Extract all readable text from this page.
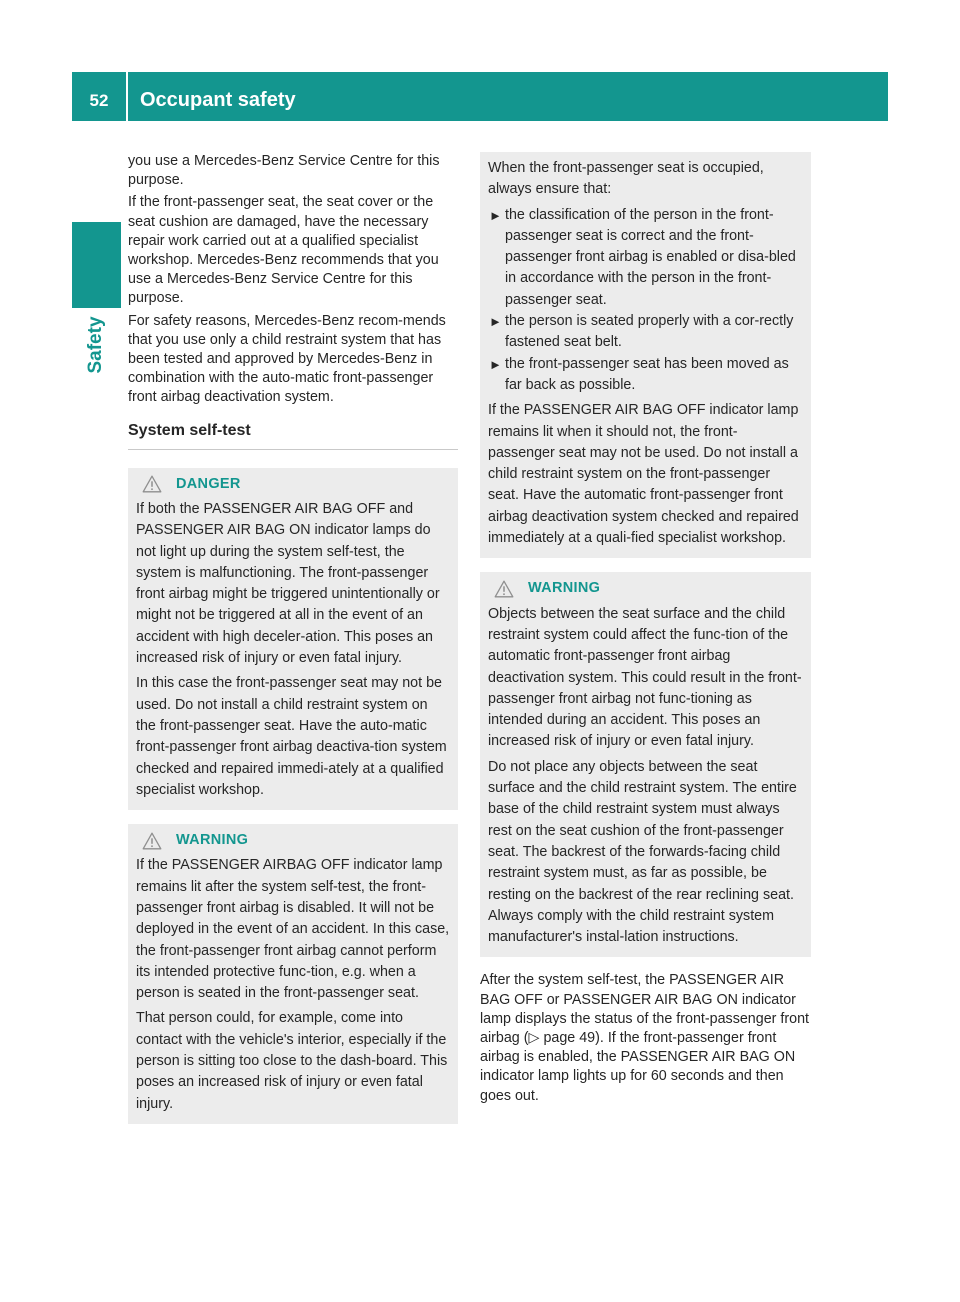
52	Occupant safety
Safety

you use a Mercedes-Benz Service Centre for this purpose.

If the front-passenger seat, the seat cover or the seat cushion are damaged, have the necessary repair work carried out at a qualified specialist workshop. Mercedes-Benz recommends that you use a Mercedes-Benz Service Centre for this purpose.

For safety reasons, Mercedes-Benz recom-mends that you use only a child restraint system that has been tested and approved by Mercedes-Benz in combination with the auto-matic front-passenger front airbag deactivation system.

System self-test
DANGER

If both the PASSENGER AIR BAG OFF and PASSENGER AIR BAG ON indicator lamps do not light up during the system self-test, the system is malfunctioning. The front-passenger front airbag might be triggered unintentionally or might not be triggered at all in the event of an accident with high deceler-ation. This poses an increased risk of injury or even fatal injury.

In this case the front-passenger seat may not be used. Do not install a child restraint system on the front-passenger seat. Have the auto-matic front-passenger front airbag deactiva-tion system checked and repaired immedi-ately at a qualified specialist workshop.

WARNING

If the PASSENGER AIRBAG OFF indicator lamp remains lit after the system self-test, the front-passenger front airbag is disabled. It will not be deployed in the event of an accident. In this case, the front-passenger front airbag cannot perform its intended protective func-tion, e.g. when a person is seated in the front-passenger seat.

That person could, for example, come into contact with the vehicle's interior, especially if the person is sitting too close to the dash-board. This poses an increased risk of injury or even fatal injury.

When the front-passenger seat is occupied, always ensure that:

► the classification of the person in the front-passenger seat is correct and the front-passenger front airbag is enabled or disa-bled in accordance with the person in the front-passenger seat.
► the person is seated properly with a cor-rectly fastened seat belt.
► the front-passenger seat has been moved as far back as possible.

If the PASSENGER AIR BAG OFF indicator lamp remains lit when it should not, the front-passenger seat may not be used. Do not install a child restraint system on the front-passenger seat. Have the automatic front-passenger front airbag deactivation system checked and repaired immediately at a quali-fied specialist workshop.

WARNING

Objects between the seat surface and the child restraint system could affect the func-tion of the automatic front-passenger front airbag deactivation system. This could result in the front-passenger front airbag not func-tioning as intended during an accident. This poses an increased risk of injury or even fatal injury.

Do not place any objects between the seat surface and the child restraint system. The entire base of the child restraint system must always rest on the seat cushion of the front-passenger seat. The backrest of the forwards-facing child restraint system must, as far as possible, be resting on the backrest of the rear reclining seat. Always comply with the child restraint system manufacturer's instal-lation instructions.

After the system self-test, the PASSENGER AIR BAG OFF or PASSENGER AIR BAG ON indicator lamp displays the status of the front-passenger front airbag (▷ page 49). If the front-passenger front airbag is enabled, the PASSENGER AIR BAG ON indicator lamp lights up for 60 seconds and then goes out.
